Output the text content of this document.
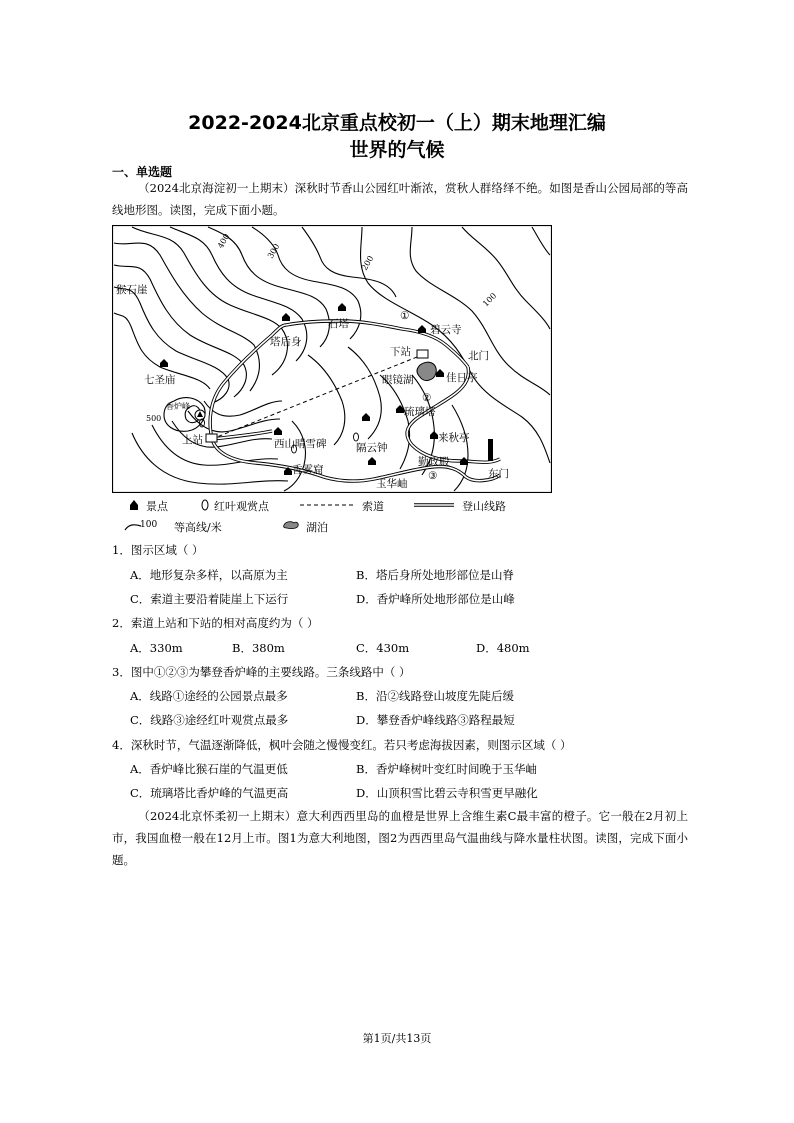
2022-2024北京重点校初一（上）期末地理汇编
世界的气候
一、单选题
（2024北京海淀初一上期末）深秋时节香山公园红叶渐浓，赏秋人群络绎不绝。如图是香山公园局部的等高线地形图。读图，完成下面小题。
猴石崖
塔后身
石塔	碧云寺
下站	北门
七圣庙	眼镜湖	佳日亭
香炉峰	琉璃塔
上站	西山晴雪碑	来秋亭
隔云钟
勤政殿
香雾窟	东门
玉华岫
400
300
200
100
500
①
②
③
景点	红叶观赏点	索道	登山线路
100 等高线/米	湖泊
1．图示区域（ ）
A．地形复杂多样，以高原为主	B．塔后身所处地形部位是山脊
C．索道主要沿着陡崖上下运行	D．香炉峰所处地形部位是山峰
2．索道上站和下站的相对高度约为（ ）
A．330m	B．380m	C．430m	D．480m
3．图中①②③为攀登香炉峰的主要线路。三条线路中（ ）
A．线路①途经的公园景点最多	B．沿②线路登山坡度先陡后缓
C．线路③途经红叶观赏点最多	D．攀登香炉峰线路③路程最短
4．深秋时节，气温逐渐降低，枫叶会随之慢慢变红。若只考虑海拔因素，则图示区域（ ）
A．香炉峰比猴石崖的气温更低	B．香炉峰树叶变红时间晚于玉华岫
C．琉璃塔比香炉峰的气温更高	D．山顶积雪比碧云寺积雪更早融化
（2024北京怀柔初一上期末）意大利西西里岛的血橙是世界上含维生素C最丰富的橙子。它一般在2月初上市，我国血橙一般在12月上市。图1为意大利地图，图2为西西里岛气温曲线与降水量柱状图。读图，完成下面小题。
第1页/共13页
